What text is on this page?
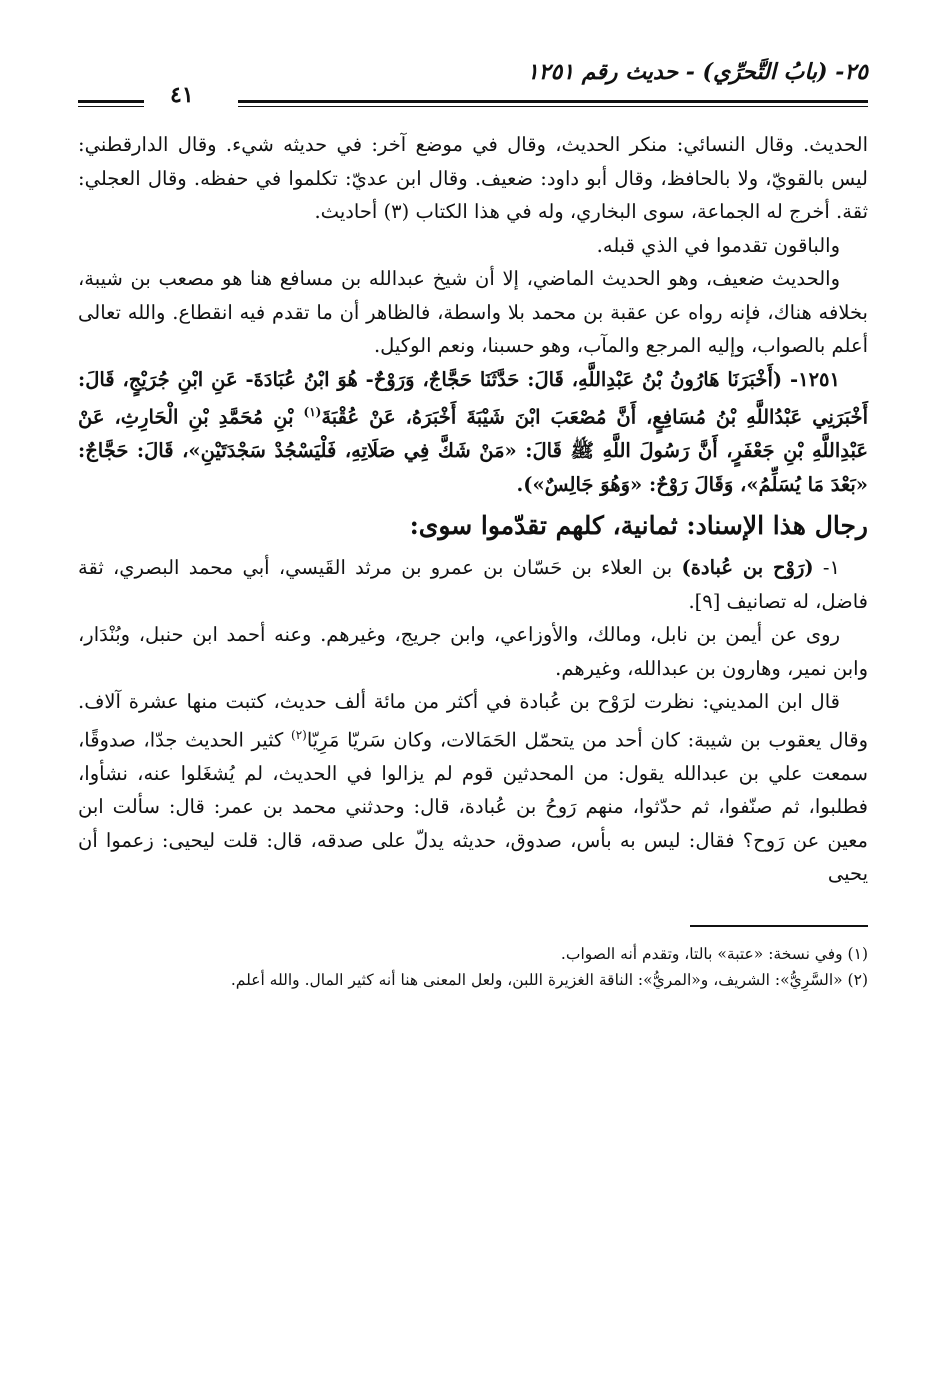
٢٥- (بابُ التَّحرِّي) - حديث رقم ١٢٥١
٤١

الحديث. وقال النسائي: منكر الحديث، وقال في موضع آخر: في حديثه شيء. وقال الدارقطني: ليس بالقويّ، ولا بالحافظ، وقال أبو داود: ضعيف. وقال ابن عديّ: تكلموا في حفظه. وقال العجلي: ثقة. أخرج له الجماعة، سوى البخاري، وله في هذا الكتاب (٣) أحاديث.

والباقون تقدموا في الذي قبله.

والحديث ضعيف، وهو الحديث الماضي، إلا أن شيخ عبدالله بن مسافع هنا هو مصعب بن شيبة، بخلافه هناك، فإنه رواه عن عقبة بن محمد بلا واسطة، فالظاهر أن ما تقدم فيه انقطاع. والله تعالى أعلم بالصواب، وإليه المرجع والمآب، وهو حسبنا، ونعم الوكيل.

١٢٥١- (أَخْبَرَنَا هَارُونُ بْنُ عَبْدِاللَّهِ، قَالَ: حَدَّثَنَا حَجَّاجٌ، وَرَوْحٌ- هُوَ ابْنُ عُبَادَةَ- عَنِ ابْنِ جُرَيْجٍ، قَالَ: أَخْبَرَنِي عَبْدُاللَّهِ بْنُ مُسَافِعٍ، أَنَّ مُصْعَبَ ابْنَ شَيْبَةَ أَخْبَرَهُ، عَنْ عُقْبَةَ$^{(١)}$ بْنِ مُحَمَّدِ بْنِ الْحَارِثِ، عَنْ عَبْدِاللَّهِ بْنِ جَعْفَرٍ، أَنَّ رَسُولَ اللَّهِ ﷺ قَالَ: «مَنْ شَكَّ فِي صَلَاتِهِ، فَلْيَسْجُدْ سَجْدَتَيْنِ»، قَالَ: حَجَّاجٌ: «بَعْدَ مَا يُسَلِّمُ»، وَقَالَ رَوْحٌ: «وَهُوَ جَالِسٌ»).

رجال هذا الإسناد: ثمانية، كلهم تقدّموا سوى:

١- (رَوْح بن عُبادة) بن العلاء بن حَسّان بن عمرو بن مرثد القَيسي، أبي محمد البصري، ثقة فاضل، له تصانيف [٩].

روى عن أيمن بن نابل، ومالك، والأوزاعي، وابن جريج، وغيرهم. وعنه أحمد ابن حنبل، وبُنْدَار، وابن نمير، وهارون بن عبدالله، وغيرهم.

قال ابن المديني: نظرت لرَوْح بن عُبادة في أكثر من مائة ألف حديث، كتبت منها عشرة آلاف. وقال يعقوب بن شيبة: كان أحد من يتحمّل الحَمَالات، وكان سَريّا مَرِيّا$^{(٢)}$ كثير الحديث جدّا، صدوقًا، سمعت علي بن عبدالله يقول: من المحدثين قوم لم يزالوا في الحديث، لم يُشغَلوا عنه، نشأوا، فطلبوا، ثم صنّفوا، ثم حدّثوا، منهم رَوحُ بن عُبادة، قال: وحدثني محمد بن عمر: قال: سألت ابن معين عن رَوح؟ فقال: ليس به بأس، صدوق، حديثه يدلّ على صدقه، قال: قلت ليحيى: زعموا أن يحيى

(١) وفي نسخة: «عتبة» بالتا، وتقدم أنه الصواب.

(٢) «السَّرِيُّ»: الشريف، و«المريُّ»: الناقة الغزيرة اللبن، ولعل المعنى هنا أنه كثير المال. والله أعلم.
